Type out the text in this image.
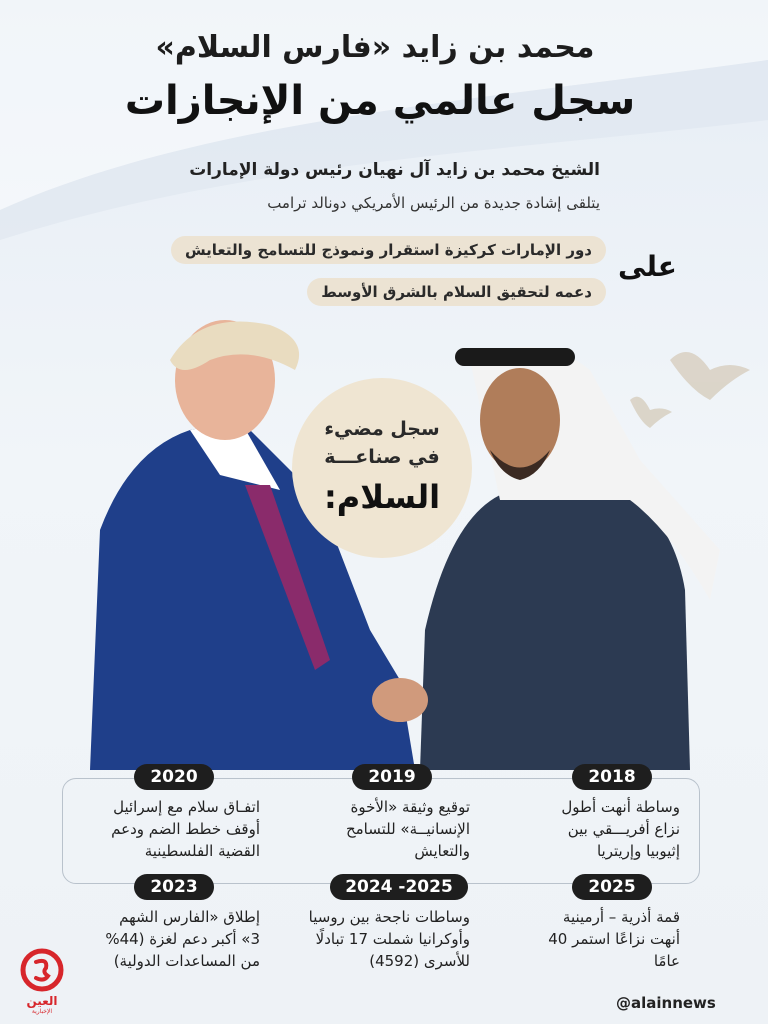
محمد بن زايد «فارس السلام»
سجل عالمي من الإنجازات
الشيخ محمد بن زايد آل نهيان رئيس دولة الإمارات
يتلقى إشادة جديدة من الرئيس الأمريكي دونالد ترامب
دور الإمارات كركيزة استقرار ونموذج للتسامح والتعايش
دعمه لتحقيق السلام بالشرق الأوسط
على
سجل مضيء
في صناعـــة
السلام:
2018
وساطة أنهت أطول
نزاع أفريـــقي بين
إثيوبيا وإريتريا
2019
توقيع وثيقة «الأخوة
الإنسانيــة» للتسامح
والتعايش
2020
اتفـاق سلام مع إسرائيل
أوقف خطط الضم ودعم
القضية الفلسطينية
2025
قمة أذرية – أرمينية
أنهت نزاعًا استمر 40
عامًا
2024 -2025
وساطات ناجحة بين روسيا
وأوكرانيا شملت 17 تبادلًا
للأسرى (4592)
2023
إطلاق «الفارس الشهم
3» أكبر دعم لغزة (44%
من المساعدات الدولية)
العين
الإخبارية	@alainnews
